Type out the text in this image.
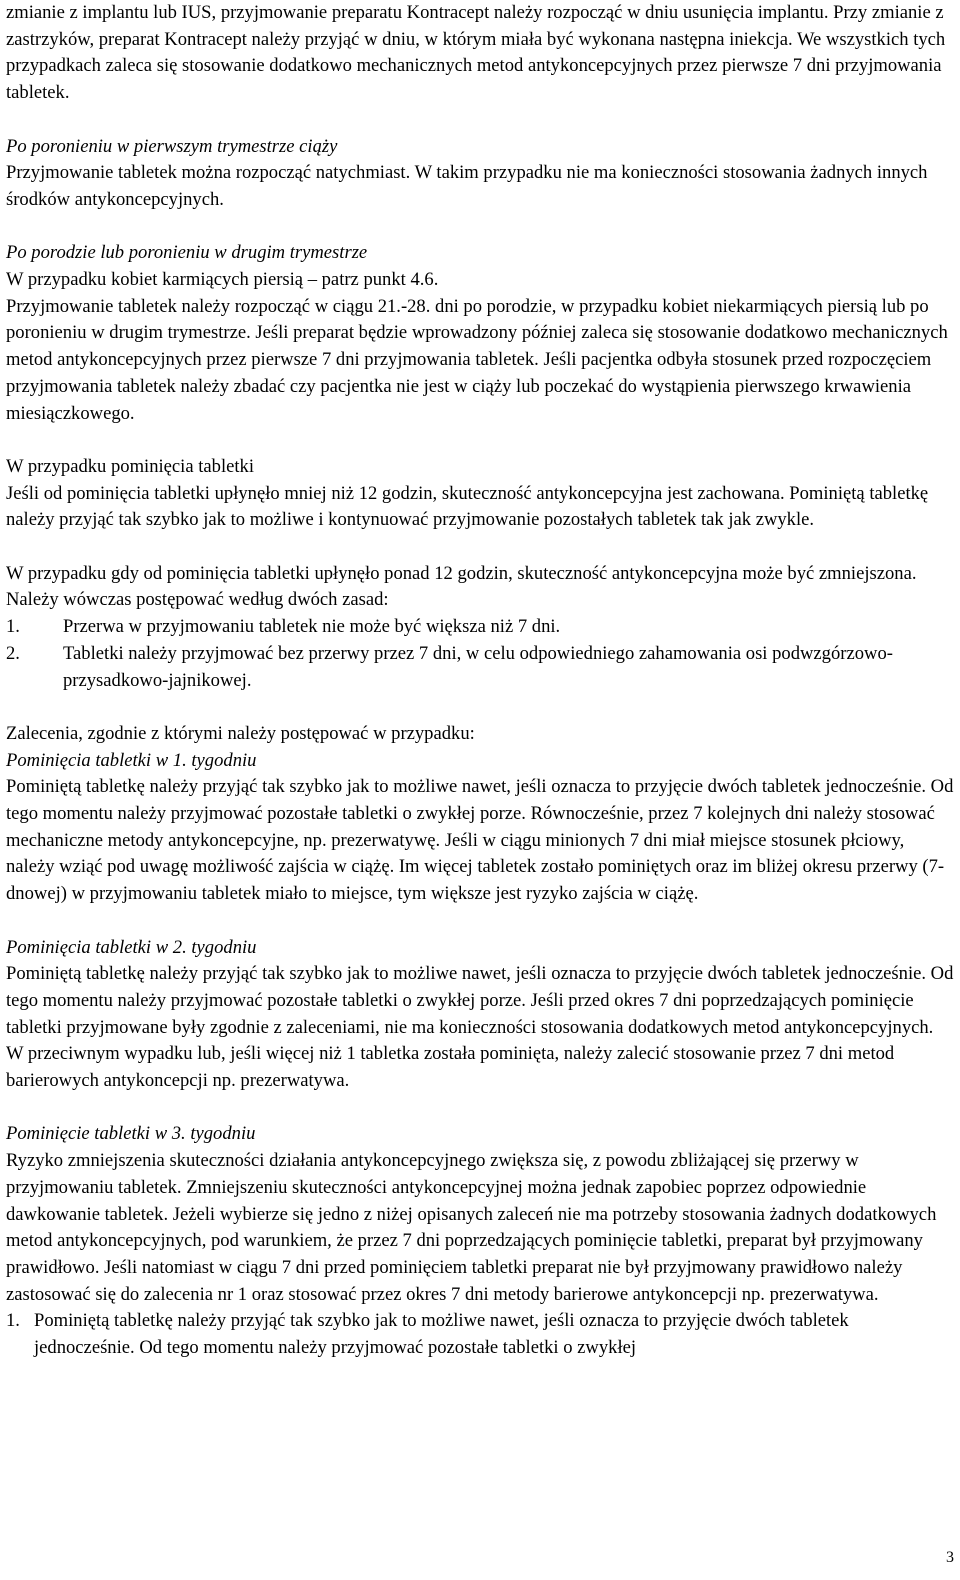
zmianie z implantu lub IUS, przyjmowanie preparatu Kontracept należy rozpocząć w dniu usunięcia implantu. Przy zmianie z zastrzyków, preparat Kontracept należy przyjąć w dniu, w którym miała być wykonana następna iniekcja. We wszystkich tych przypadkach zaleca się stosowanie dodatkowo mechanicznych metod antykoncepcyjnych przez pierwsze 7 dni przyjmowania tabletek.

Po poronieniu w pierwszym trymestrze ciąży

Przyjmowanie tabletek można rozpocząć natychmiast. W takim przypadku nie ma konieczności stosowania żadnych innych środków antykoncepcyjnych.

Po porodzie lub poronieniu w drugim trymestrze

W przypadku kobiet karmiących piersią – patrz punkt 4.6.

Przyjmowanie tabletek należy rozpocząć w ciągu 21.-28. dni po porodzie, w przypadku kobiet niekarmiących piersią lub po poronieniu w drugim trymestrze. Jeśli preparat będzie wprowadzony później zaleca się stosowanie dodatkowo mechanicznych metod antykoncepcyjnych przez pierwsze 7 dni przyjmowania tabletek. Jeśli pacjentka odbyła stosunek przed rozpoczęciem przyjmowania tabletek należy zbadać czy pacjentka nie jest w ciąży lub poczekać do wystąpienia pierwszego krwawienia miesiączkowego.

W przypadku pominięcia tabletki

Jeśli od pominięcia tabletki upłynęło mniej niż 12 godzin, skuteczność antykoncepcyjna jest zachowana. Pominiętą tabletkę należy przyjąć tak szybko jak to możliwe i kontynuować przyjmowanie pozostałych tabletek tak jak zwykle.

W przypadku gdy od pominięcia tabletki upłynęło ponad 12 godzin, skuteczność antykoncepcyjna może być zmniejszona. Należy wówczas postępować według dwóch zasad:

1.	Przerwa w przyjmowaniu tabletek nie może być większa niż 7 dni.
2.	Tabletki należy przyjmować bez przerwy przez 7 dni, w celu odpowiedniego zahamowania osi podwzgórzowo-przysadkowo-jajnikowej.

Zalecenia, zgodnie z którymi należy postępować w przypadku:

Pominięcia tabletki w 1. tygodniu

Pominiętą tabletkę należy przyjąć tak szybko jak to możliwe nawet, jeśli oznacza to przyjęcie dwóch tabletek jednocześnie. Od tego momentu należy przyjmować pozostałe tabletki o zwykłej porze. Równocześnie, przez 7 kolejnych dni należy stosować mechaniczne metody antykoncepcyjne, np. prezerwatywę. Jeśli w ciągu minionych 7 dni miał miejsce stosunek płciowy, należy wziąć pod uwagę możliwość zajścia w ciążę. Im więcej tabletek zostało pominiętych oraz im bliżej okresu przerwy (7-dnowej) w przyjmowaniu tabletek miało to miejsce, tym większe jest ryzyko zajścia w ciążę.

Pominięcia tabletki w 2. tygodniu

Pominiętą tabletkę należy przyjąć tak szybko jak to możliwe nawet, jeśli oznacza to przyjęcie dwóch tabletek jednocześnie. Od tego momentu należy przyjmować pozostałe tabletki o zwykłej porze. Jeśli przed okres 7 dni poprzedzających pominięcie tabletki przyjmowane były zgodnie z zaleceniami, nie ma konieczności stosowania dodatkowych metod antykoncepcyjnych. W przeciwnym wypadku lub, jeśli więcej niż 1 tabletka została pominięta, należy zalecić stosowanie przez 7 dni metod barierowych antykoncepcji np. prezerwatywa.

Pominięcie tabletki w 3. tygodniu

Ryzyko zmniejszenia skuteczności działania antykoncepcyjnego zwiększa się, z powodu zbliżającej się przerwy w przyjmowaniu tabletek. Zmniejszeniu skuteczności antykoncepcyjnej można jednak zapobiec poprzez odpowiednie dawkowanie tabletek. Jeżeli wybierze się jedno z niżej opisanych zaleceń nie ma potrzeby stosowania żadnych dodatkowych metod antykoncepcyjnych, pod warunkiem, że przez 7 dni poprzedzających pominięcie tabletki, preparat był przyjmowany prawidłowo. Jeśli natomiast w ciągu 7 dni przed pominięciem tabletki preparat nie był przyjmowany prawidłowo należy zastosować się do zalecenia nr 1 oraz stosować przez okres 7 dni metody barierowe antykoncepcji np. prezerwatywa.

1. Pominiętą tabletkę należy przyjąć tak szybko jak to możliwe nawet, jeśli oznacza to przyjęcie dwóch tabletek jednocześnie. Od tego momentu należy przyjmować pozostałe tabletki o zwykłej
3
